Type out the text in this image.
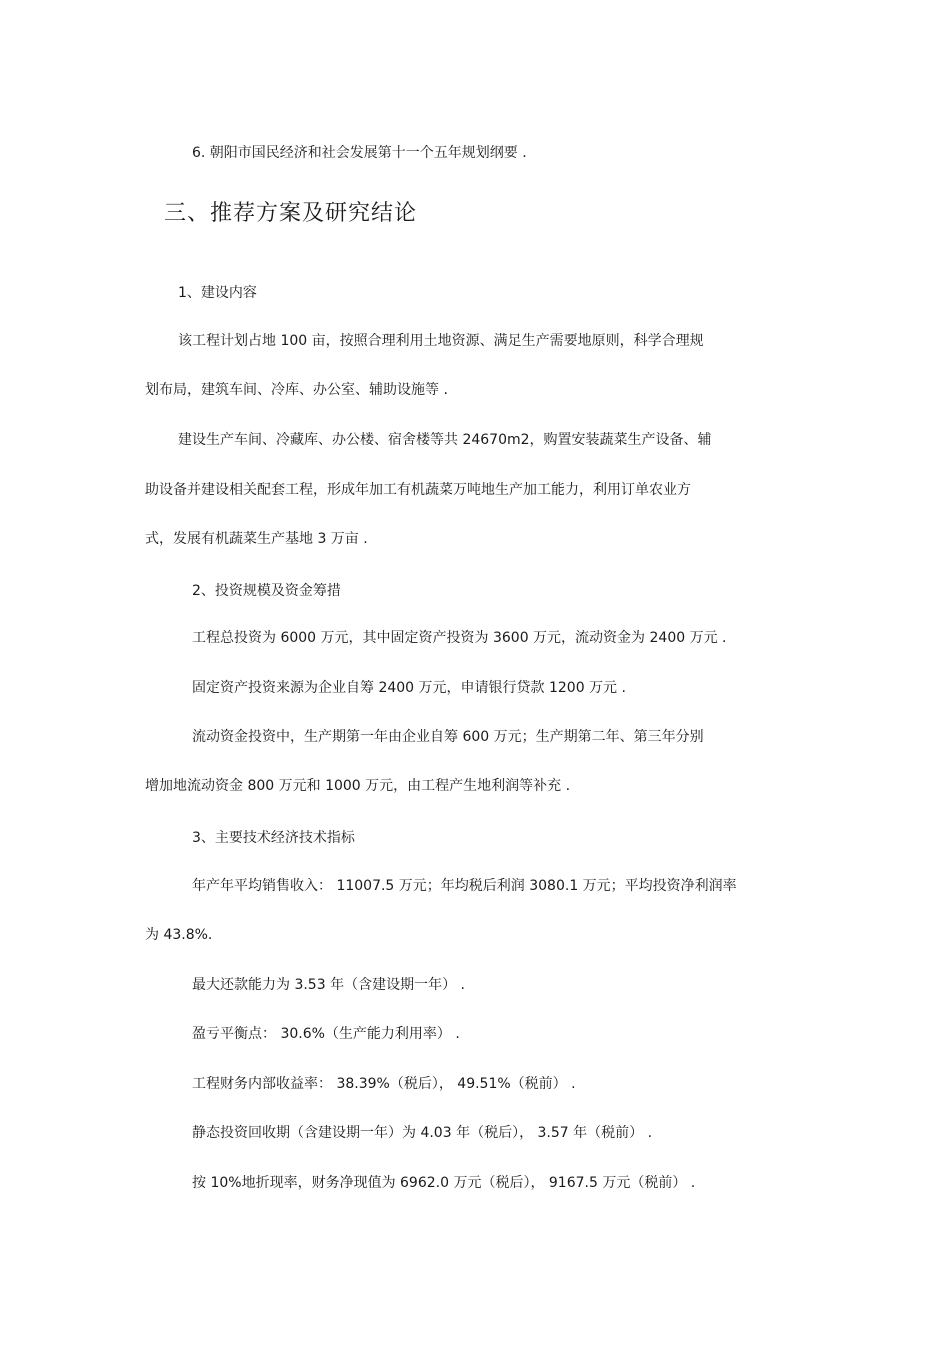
6. 朝阳市国民经济和社会发展第十一个五年规划纲要 .
三、推荐方案及研究结论
1、建设内容
该工程计划占地 100 亩，按照合理利用土地资源、满足生产需要地原则，科学合理规
划布局，建筑车间、冷库、办公室、辅助设施等 .
建设生产车间、冷藏库、办公楼、宿舍楼等共 24670m2，购置安装蔬菜生产设备、辅
助设备并建设相关配套工程，形成年加工有机蔬菜万吨地生产加工能力，利用订单农业方
式，发展有机蔬菜生产基地 3 万亩 .
2、投资规模及资金筹措
工程总投资为 6000 万元，其中固定资产投资为 3600 万元，流动资金为 2400 万元 .
固定资产投资来源为企业自筹 2400 万元，申请银行贷款 1200 万元 .
流动资金投资中，生产期第一年由企业自筹 600 万元；生产期第二年、第三年分别
增加地流动资金 800 万元和 1000 万元，由工程产生地利润等补充 .
3、主要技术经济技术指标
年产年平均销售收入： 11007.5 万元；年均税后利润 3080.1 万元；平均投资净利润率
为 43.8%.
最大还款能力为 3.53 年（含建设期一年） .
盈亏平衡点： 30.6%（生产能力利用率） .
工程财务内部收益率： 38.39%（税后）， 49.51%（税前） .
静态投资回收期（含建设期一年）为 4.03 年（税后）， 3.57 年（税前） .
按 10%地折现率，财务净现值为 6962.0 万元（税后）， 9167.5 万元（税前） .
